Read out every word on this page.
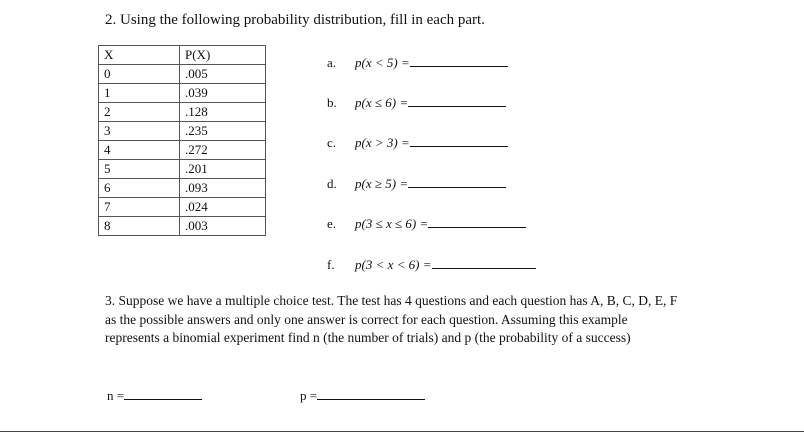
2. Using the following probability distribution, fill in each part.
X	P(X)
0	.005
1	.039
2	.128
3	.235
4	.272
5	.201
6	.093
7	.024
8	.003
a. p(x < 5) =
b. p(x ≤ 6) =
c. p(x > 3) =
d. p(x ≥ 5) =
e. p(3 ≤ x ≤ 6) =
f. p(3 < x < 6) =
3. Suppose we have a multiple choice test. The test has 4 questions and each question has A, B, C, D, E, F as the possible answers and only one answer is correct for each question. Assuming this example represents a binomial experiment find n (the number of trials) and p (the probability of a success)
n =	p =
